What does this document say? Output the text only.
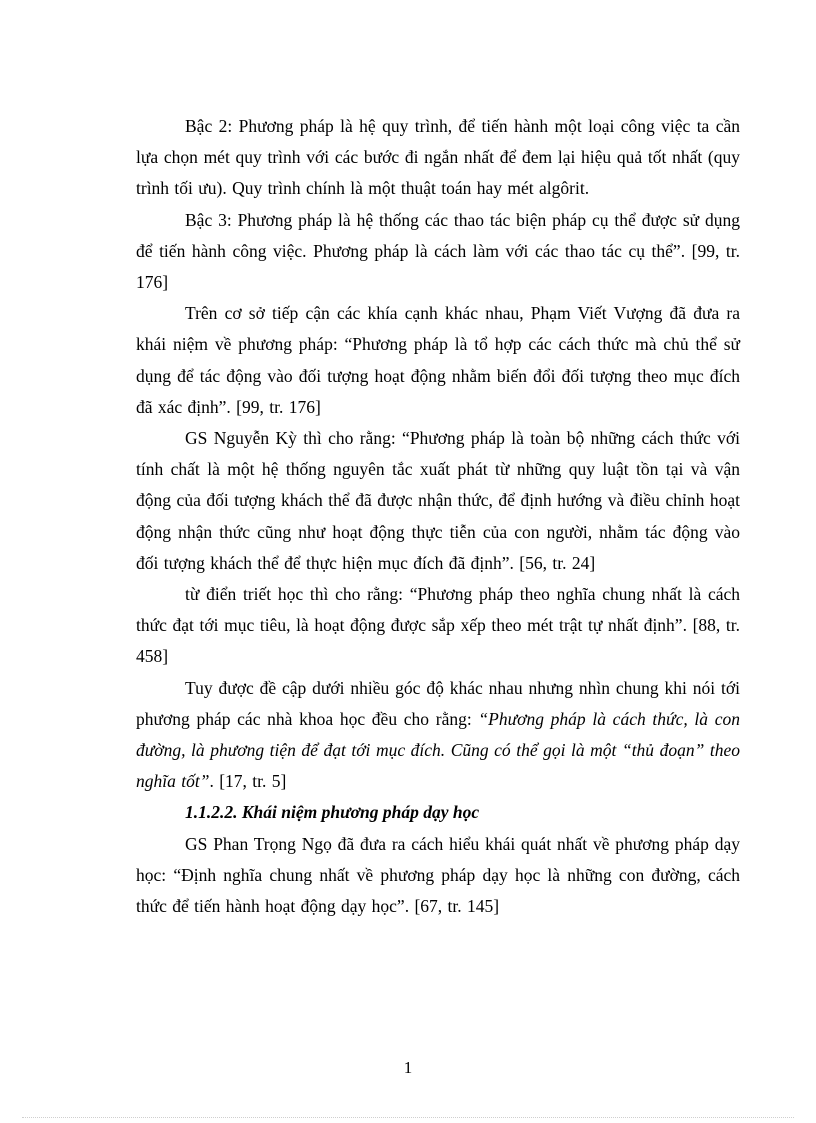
Bậc 2: Phương pháp là hệ quy trình, để tiến hành một loại công việc ta cần lựa chọn mét quy trình với các bước đi ngắn nhất để đem lại hiệu quả tốt nhất (quy trình tối ưu). Quy trình chính là một thuật toán hay mét algôrit.

Bậc 3: Phương pháp là hệ thống các thao tác biện pháp cụ thể được sử dụng để tiến hành công việc. Phương pháp là cách làm với các thao tác cụ thể”. [99, tr. 176]

Trên cơ sở tiếp cận các khía cạnh khác nhau, Phạm Viết Vượng đã đưa ra khái niệm về phương pháp: “Phương pháp là tổ hợp các cách thức mà chủ thể sử dụng để tác động vào đối tượng hoạt động nhằm biến đổi đối tượng theo mục đích đã xác định”. [99, tr. 176]

GS Nguyễn Kỳ thì cho rằng: “Phương pháp là toàn bộ những cách thức với tính chất là một hệ thống nguyên tắc xuất phát từ những quy luật tồn tại và vận động của đối tượng khách thể đã được nhận thức, để định hướng và điều chỉnh hoạt động nhận thức cũng như hoạt động thực tiễn của con người, nhằm tác động vào đối tượng khách thể để thực hiện mục đích đã định”. [56, tr. 24]

từ điển triết học thì cho rằng: “Phương pháp theo nghĩa chung nhất là cách thức đạt tới mục tiêu, là hoạt động được sắp xếp theo mét trật tự nhất định”. [88, tr. 458]

Tuy được đề cập dưới nhiều góc độ khác nhau nhưng nhìn chung khi nói tới phương pháp các nhà khoa học đều cho rằng: “Phương pháp là cách thức, là con đường, là phương tiện để đạt tới mục đích. Cũng có thể gọi là một “thủ đoạn” theo nghĩa tốt”. [17, tr. 5]

1.1.2.2. Khái niệm phương pháp dạy học

GS Phan Trọng Ngọ đã đưa ra cách hiểu khái quát nhất về phương pháp dạy học: “Định nghĩa chung nhất về phương pháp dạy học là những con đường, cách thức để tiến hành hoạt động dạy học”. [67, tr. 145]

1
